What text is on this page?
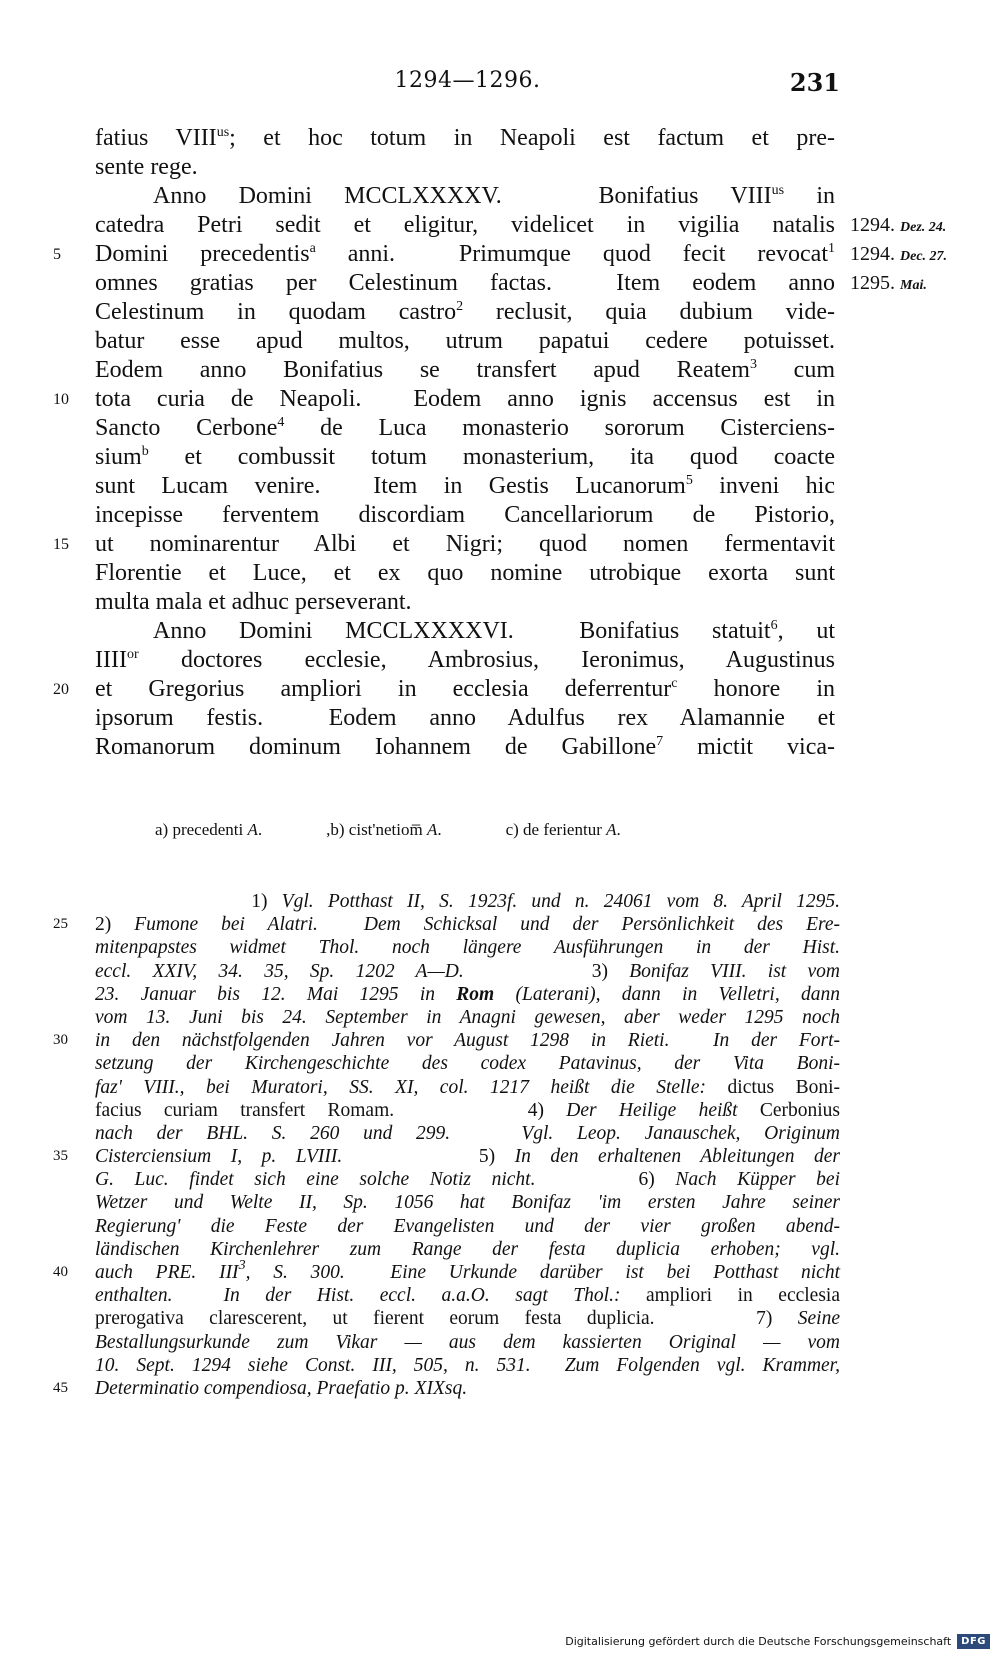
1294—1296.	231
fatius $VIII^{us}$; et hoc totum in Neapoli est factum et pre-
sente rege.
Anno Domini MCCLXXXXV.   Bonifatius $VIII^{us}$ in
catedra Petri sedit et eligitur, videlicet in vigilia natalis 1294. Dez. 24.
5	Domini precedentis$^a$ anni.  Primumque quod fecit revocat$^1$ 1294. Dec. 27.
omnes gratias per Celestinum factas.  Item eodem anno 1295. Mai.
Celestinum in quodam castro$^2$ reclusit, quia dubium vide-
batur esse apud multos, utrum papatui cedere potuisset.
Eodem anno Bonifatius se transfert apud Reatem$^3$ cum
10	tota curia de Neapoli.  Eodem anno ignis accensus est in
Sancto Cerbone$^4$ de Luca monasterio sororum Cisterciens-
sium$^b$ et combussit totum monasterium, ita quod coacte
sunt Lucam venire.  Item in Gestis Lucanorum$^5$ inveni hic
incepisse ferventem discordiam Cancellariorum de Pistorio,
15	ut nominarentur Albi et Nigri; quod nomen fermentavit
Florentie et Luce, et ex quo nomine utrobique exorta sunt
multa mala et adhuc perseverant.
Anno Domini MCCLXXXXVI.  Bonifatius statuit$^6$, ut
$IIII^{or}$ doctores ecclesie, Ambrosius, Ieronimus, Augustinus
20	et Gregorius ampliori in ecclesia deferrentur$^c$ honore in
ipsorum festis.  Eodem anno Adulfus rex Alamannie et
Romanorum dominum Iohannem de Gabillone$^7$ mictit vica-
a) precedenti A.	,b) cist'netiom̅ A.	c) de ferientur A.
1) Vgl. Potthast II, S. 1923f. und n. 24061 vom 8. April 1295.
25	2) Fumone bei Alatri.  Dem Schicksal und der Persönlichkeit des Ere-
mitenpapstes widmet Thol. noch längere Ausführungen in der Hist.
eccl. XXIV, 34. 35, Sp. 1202 A—D.      3) Bonifaz VIII. ist vom
23. Januar bis 12. Mai 1295 in Rom (Laterani), dann in Velletri, dann
vom 13. Juni bis 24. September in Anagni gewesen, aber weder 1295 noch
30	in den nächstfolgenden Jahren vor August 1298 in Rieti.  In der Fort-
setzung der Kirchengeschichte des codex Patavinus, der Vita Boni-
faz' VIII., bei Muratori, SS. XI, col. 1217 heißt die Stelle: dictus Boni-
facius curiam transfert Romam.      4) Der Heilige heißt Cerbonius
nach der BHL. S. 260 und 299.   Vgl. Leop. Janauschek, Originum
35	Cisterciensium I, p. LVIII.       5) In den erhaltenen Ableitungen der
G. Luc. findet sich eine solche Notiz nicht.     6) Nach Küpper bei
Wetzer und Welte II, Sp. 1056 hat Bonifaz 'im ersten Jahre seiner
Regierung' die Feste der Evangelisten und der vier großen abend-
ländischen Kirchenlehrer zum Range der festa duplicia erhoben; vgl.
40	auch PRE. III$^3$, S. 300.  Eine Urkunde darüber ist bei Potthast nicht
enthalten.  In der Hist. eccl. a.a.O. sagt Thol.: ampliori in ecclesia
prerogativa clarescerent, ut fierent eorum festa duplicia.    7) Seine
Bestallungsurkunde zum Vikar — aus dem kassierten Original — vom
10. Sept. 1294 siehe Const. III, 505, n. 531.  Zum Folgenden vgl. Krammer,
45	Determinatio compendiosa, Praefatio p. XIXsq.
Digitalisierung gefördert durch die Deutsche Forschungsgemeinschaft	DFG
